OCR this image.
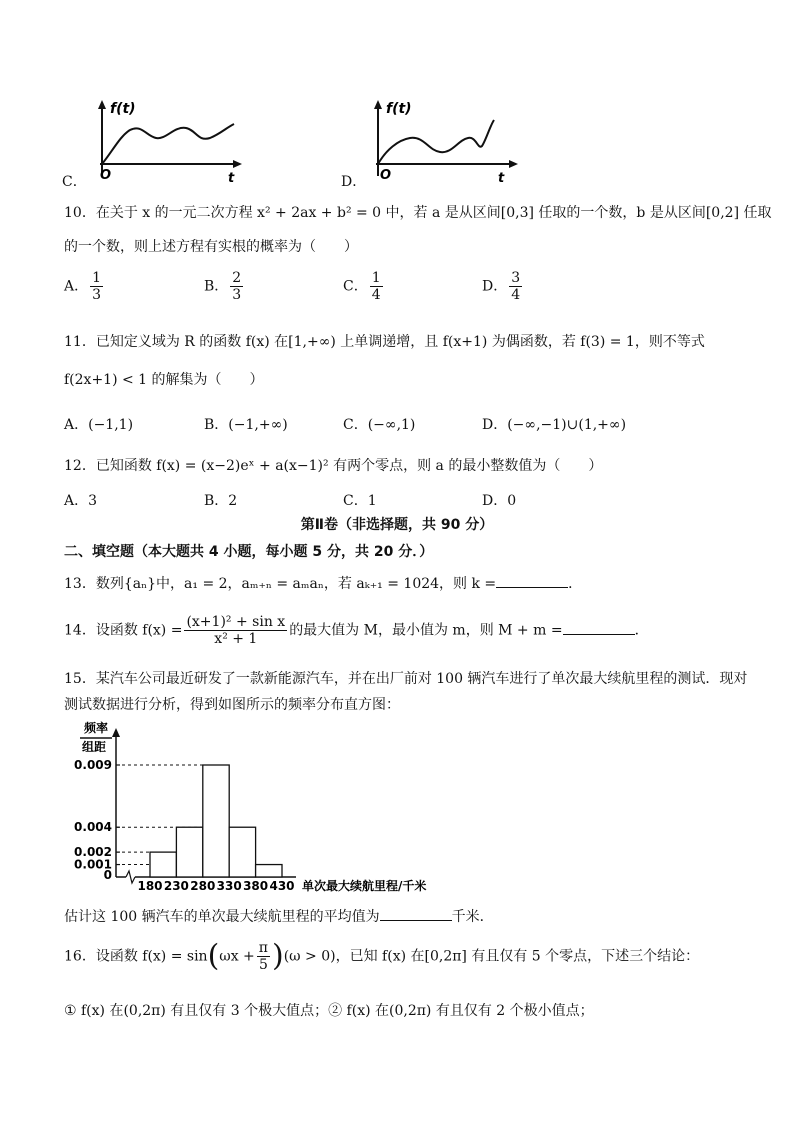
C．
f(t)
O	t	D．
f(t)
O	t
10．在关于 x 的一元二次方程 x² + 2ax + b² = 0 中，若 a 是从区间[0,3] 任取的一个数，b 是从区间[0,2] 任取
的一个数，则上述方程有实根的概率为（　　）
A． $\frac{1}{3}$	B． $\frac{2}{3}$	C． $\frac{1}{4}$	D． $\frac{3}{4}$
11．已知定义域为 R 的函数 f(x) 在[1,+∞) 上单调递增，且 f(x+1) 为偶函数，若 f(3) = 1，则不等式
f(2x+1) < 1 的解集为（　　）
A．(−1,1)	B．(−1,+∞)	C．(−∞,1)	D．(−∞,−1)∪(1,+∞)
12．已知函数 f(x) = (x−2)eˣ + a(x−1)² 有两个零点，则 a 的最小整数值为（　　）
A．3	B．2	C．1	D．0
第Ⅱ卷（非选择题，共 90 分）
二、填空题（本大题共 4 小题，每小题 5 分，共 20 分．）
13．数列{aₙ}中，a₁ = 2，aₘ₊ₙ = aₘaₙ，若 aₖ₊₁ = 1024，则 k =	．
14．设函数 $f(x) = \frac{\text{(x+1)² + sin x}}{\text{x² + 1}}$ 的最大值为 M，最小值为 m，则 M + m =	．
15．某汽车公司最近研发了一款新能源汽车，并在出厂前对 100 辆汽车进行了单次最大续航里程的测试．现对
测试数据进行分析，得到如图所示的频率分布直方图：
频率
组距
单次最大续航里程/千米
0.009
0.004
0.002
0.001
0
180 230 280 330 380 430
估计这 100 辆汽车的单次最大续航里程的平均值为	千米．
16．设函数 $f(x) = \sin(\omega x + \frac{\pi}{5} )(\omega > 0)$，已知 f(x) 在[0,2π] 有且仅有 5 个零点，下述三个结论：
① f(x) 在(0,2π) 有且仅有 3 个极大值点；② f(x) 在(0,2π) 有且仅有 2 个极小值点；
